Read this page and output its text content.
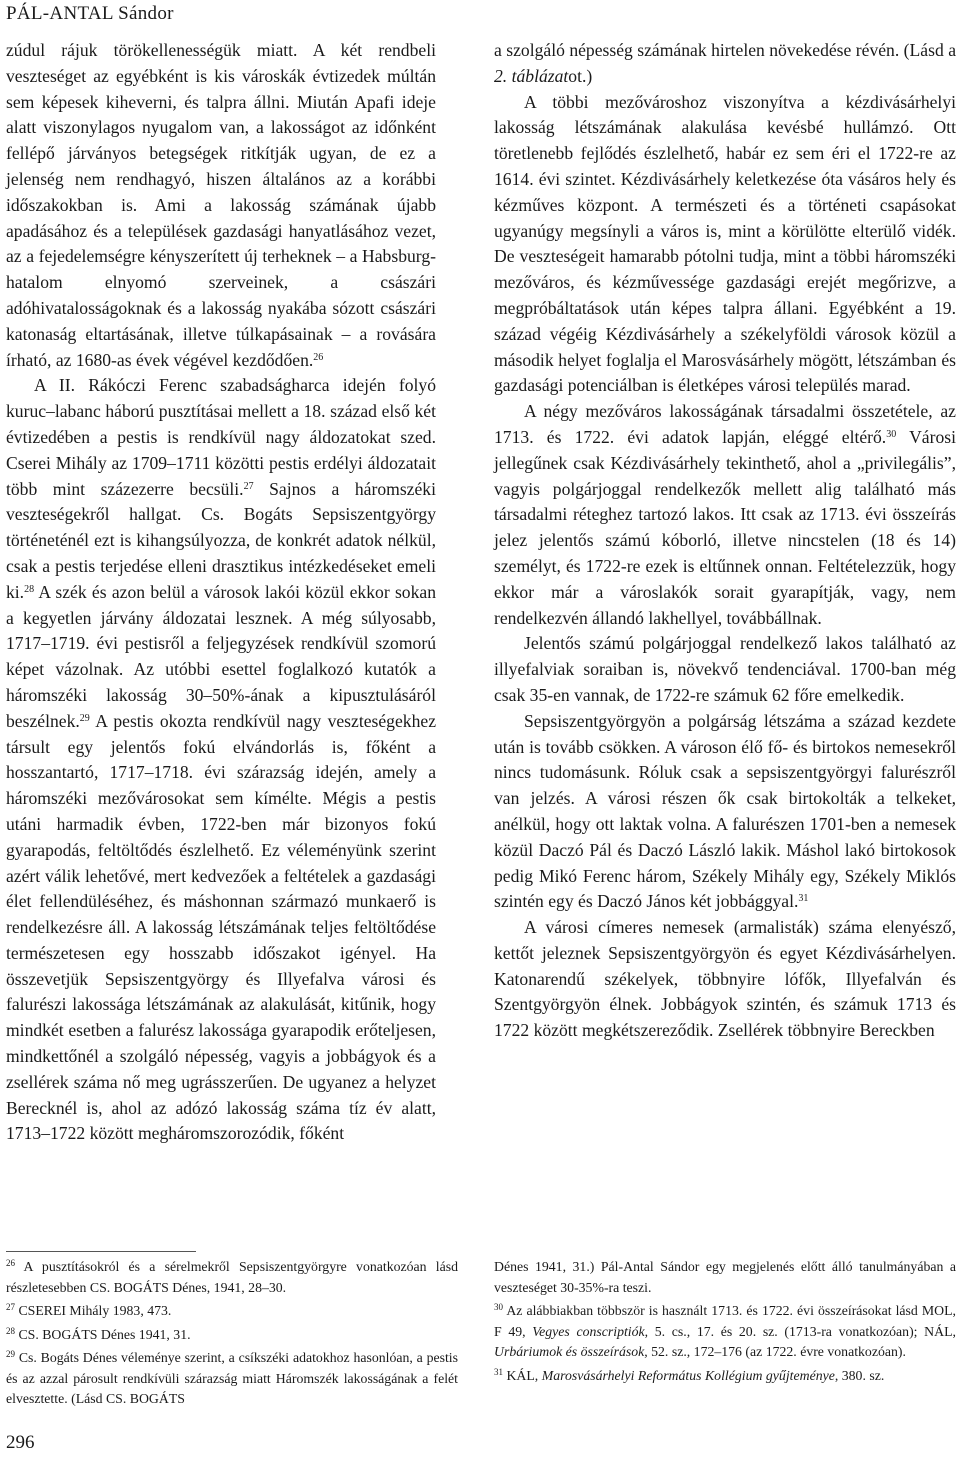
PÁL-ANTAL Sándor

zúdul rájuk törökellenességük miatt. A két rendbeli veszteséget az egyébként is kis városkák évtizedek múltán sem képesek kiheverni, és talpra állni. Miután Apafi ideje alatt viszonylagos nyugalom van, a lakosságot az időnként fellépő járványos betegségek ritkítják ugyan, de ez a jelenség nem rendhagyó, hiszen általános az a korábbi időszakokban is. Ami a lakosság számának újabb apadásához és a települések gazdasági hanyatlásához vezet, az a fejedelemségre kényszerített új terheknek – a Habsburg-hatalom elnyomó szerveinek, a császári adóhivatalosságoknak és a lakosság nyakába sózott császári katonaság eltartásának, illetve túlkapásainak – a rovására írható, az 1680-as évek végével kezdődően.$^{26}$

A II. Rákóczi Ferenc szabadságharca idején folyó kuruc–labanc háború pusztításai mellett a 18. század első két évtizedében a pestis is rendkívül nagy áldozatokat szed. Cserei Mihály az 1709–1711 közötti pestis erdélyi áldozatait több mint százezerre becsüli.$^{27}$ Sajnos a háromszéki veszteségekről hallgat. Cs. Bogáts Sepsiszentgyörgy történeténél ezt is kihangsúlyozza, de konkrét adatok nélkül, csak a pestis terjedése elleni drasztikus intézkedéseket emeli ki.$^{28}$ A szék és azon belül a városok lakói közül ekkor sokan a kegyetlen járvány áldozatai lesznek. A még súlyosabb, 1717–1719. évi pestisről a feljegyzések rendkívül szomorú képet vázolnak. Az utóbbi esettel foglalkozó kutatók a háromszéki lakosság 30–50%-ának a kipusztulásáról beszélnek.$^{29}$ A pestis okozta rendkívül nagy veszteségekhez társult egy jelentős fokú elvándorlás is, főként a hosszantartó, 1717–1718. évi szárazság idején, amely a háromszéki mezővárosokat sem kímélte. Mégis a pestis utáni harmadik évben, 1722-ben már bizonyos fokú gyarapodás, feltöltődés észlelhető. Ez véleményünk szerint azért válik lehetővé, mert kedvezőek a feltételek a gazdasági élet fellendüléséhez, és máshonnan származó munkaerő is rendelkezésre áll. A lakosság létszámának teljes feltöltődése természetesen egy hosszabb időszakot igényel. Ha összevetjük Sepsiszentgyörgy és Illyefalva városi és falurészi lakossága létszámának az alakulását, kitűnik, hogy mindkét esetben a falurész lakossága gyarapodik erőteljesen, mindkettőnél a szolgáló népesség, vagyis a jobbágyok és a zsellérek száma nő meg ugrásszerűen. De ugyanez a helyzet Berecknél is, ahol az adózó lakosság száma tíz év alatt, 1713–1722 között megháromszorozódik, főként

a szolgáló népesség számának hirtelen növekedése révén. (Lásd a 2. táblázatot.)

A többi mezővároshoz viszonyítva a kézdivásárhelyi lakosság létszámának alakulása kevésbé hullámzó. Ott töretlenebb fejlődés észlelhető, habár ez sem éri el 1722-re az 1614. évi szintet. Kézdivásárhely keletkezése óta vásáros hely és kézműves központ. A természeti és a történeti csapásokat ugyanúgy megsínyli a város is, mint a körülötte elterülő vidék. De veszteségeit hamarabb pótolni tudja, mint a többi háromszéki mezőváros, és kézművessége gazdasági erejét megőrizve, a megpróbáltatások után képes talpra állani. Egyébként a 19. század végéig Kézdivásárhely a székelyföldi városok közül a második helyet foglalja el Marosvásárhely mögött, létszámban és gazdasági potenciálban is életképes városi település marad.

A négy mezőváros lakosságának társadalmi összetétele, az 1713. és 1722. évi adatok lapján, eléggé eltérő.$^{30}$ Városi jellegűnek csak Kézdivásárhely tekinthető, ahol a „privilegális”, vagyis polgárjoggal rendelkezők mellett alig található más társadalmi réteghez tartozó lakos. Itt csak az 1713. évi összeírás jelez jelentős számú kóborló, illetve nincstelen (18 és 14) személyt, és 1722-re ezek is eltűnnek onnan. Feltételezzük, hogy ekkor már a városlakók sorait gyarapítják, vagy, nem rendelkezvén állandó lakhellyel, továbbállnak.

Jelentős számú polgárjoggal rendelkező lakos található az illyefalviak soraiban is, növekvő tendenciával. 1700-ban még csak 35-en vannak, de 1722-re számuk 62 főre emelkedik.

Sepsiszentgyörgyön a polgárság létszáma a század kezdete után is tovább csökken. A városon élő fő- és birtokos nemesekről nincs tudomásunk. Róluk csak a sepsiszentgyörgyi falurészről van jelzés. A városi részen ők csak birtokolták a telkeket, anélkül, hogy ott laktak volna. A falurészen 1701-ben a nemesek közül Daczó Pál és Daczó László lakik. Máshol lakó birtokosok pedig Mikó Ferenc három, Székely Mihály egy, Székely Miklós szintén egy és Daczó János két jobbággyal.$^{31}$

A városi címeres nemesek (armalisták) száma elenyésző, kettőt jeleznek Sepsiszentgyörgyön és egyet Kézdivásárhelyen. Katonarendű székelyek, többnyire lófők, Illyefalván és Szentgyörgyön élnek. Jobbágyok szintén, és számuk 1713 és 1722 között megkétszereződik. Zsellérek többnyire Bereckben

$^{26}$ A pusztításokról és a sérelmekről Sepsiszentgyörgyre vonatkozóan lásd részletesebben CS. BOGÁTS Dénes, 1941, 28–30.

$^{27}$ CSEREI Mihály 1983, 473.

$^{28}$ CS. BOGÁTS Dénes 1941, 31.

$^{29}$ Cs. Bogáts Dénes véleménye szerint, a csíkszéki adatokhoz hasonlóan, a pestis és az azzal párosult rendkívüli szárazság miatt Háromszék lakosságának a felét elvesztette. (Lásd CS. BOGÁTS

Dénes 1941, 31.) Pál-Antal Sándor egy megjelenés előtt álló tanulmányában a veszteséget 30-35%-ra teszi.

$^{30}$ Az alábbiakban többször is használt 1713. és 1722. évi összeírásokat lásd MOL, F 49, Vegyes conscriptiók, 5. cs., 17. és 20. sz. (1713-ra vonatkozóan); NÁL, Urbáriumok és összeírások, 52. sz., 172–176 (az 1722. évre vonatkozóan).

$^{31}$ KÁL, Marosvásárhelyi Református Kollégium gyűjteménye, 380. sz.

296
